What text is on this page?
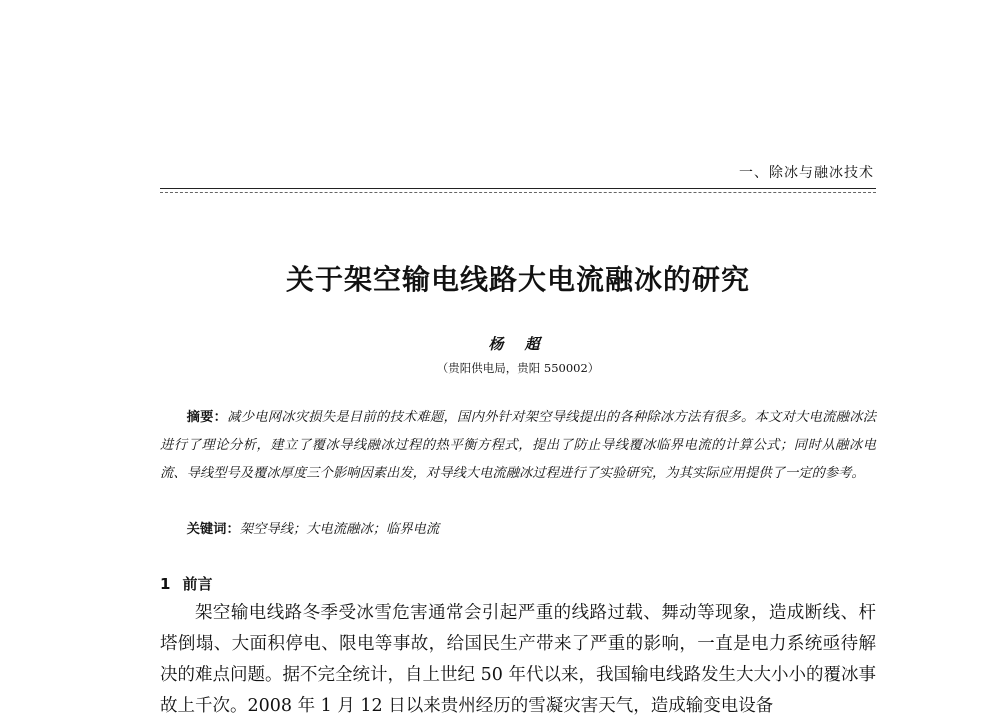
一、除冰与融冰技术
关于架空输电线路大电流融冰的研究
杨 超
（贵阳供电局，贵阳 550002）
摘要：减少电网冰灾损失是目前的技术难题，国内外针对架空导线提出的各种除冰方法有很多。本文对大电流融冰法进行了理论分析，建立了覆冰导线融冰过程的热平衡方程式，提出了防止导线覆冰临界电流的计算公式；同时从融冰电流、导线型号及覆冰厚度三个影响因素出发，对导线大电流融冰过程进行了实验研究，为其实际应用提供了一定的参考。
关键词：架空导线；大电流融冰；临界电流
1 前言
架空输电线路冬季受冰雪危害通常会引起严重的线路过载、舞动等现象，造成断线、杆塔倒塌、大面积停电、限电等事故，给国民生产带来了严重的影响，一直是电力系统亟待解决的难点问题。据不完全统计，自上世纪 50 年代以来，我国输电线路发生大大小小的覆冰事故上千次。2008 年 1 月 12 日以来贵州经历的雪凝灾害天气，造成输变电设备
